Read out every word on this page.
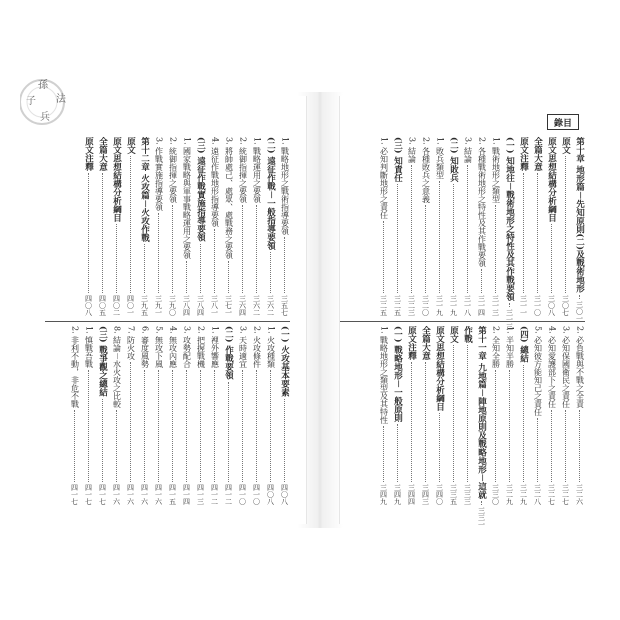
孫
子
兵
法
錄目
第十章 地形篇－先知原則(二)及戰術地形
三〇一
原文
三〇七
原文思想結構分析綱目
三〇八
全篇大意
三一〇
原文注釋
三一一
(一) 知地往－戰術地形之特性及其作戰要領
三一三
1. 戰術地形之類型
三一三
2. 各種戰術地形之特性及其作戰要領
三一四
3. 結論
三一八
(二) 知敗兵
三一九
1. 敗兵類型
三一九
2. 各種敗兵之意義
三二〇
3. 結論
三二三
(三) 知責任
三二五
1. 必知判斷地形之責任
三二五
2. 必負戰與不戰之全責
三二六
3. 必知保國衛民之責任
三二七
4. 必知愛護部下之責任
三二七
5. 必知彼方能知己之責任
三二八
(四) 總結
三二九
1. 半知半勝
三二九
2. 全知全勝
三三〇
第十一章 九地篇－陣地原則及戰略地形－這就
三三一
作戰
三三三
原文
三三五
原文思想結構分析綱目
三四〇
全篇大意
三四三
原文注釋
三四四
(一) 戰略地形－一般原則
三四九
1. 戰略地形之類型及其特性
三四九
1. 戰略地形之戰術指導要領
三五七
(二) 遠征作戰－一般指導要領
三六二
1. 戰略運用之要領
三六二
2. 統御指揮之要領
三六四
3. 將帥處己、處眾、處戰務之要領
三七一
4. 遠征作戰地形指導要領
三八一
(三) 遠征作戰實施指導要領
三八四
1. 國家戰略與軍事戰略運用之要領
三八四
2. 統御指揮之要領
三九〇
3. 作戰實施指導要領
三九一
第十二章 火攻篇－火攻作戰
三九五
原文
四〇一
原文思想結構分析綱目
四〇二
全篇大意
四〇五
原文注釋
四〇八
(一) 火攻基本要素
四〇八
1. 火攻種類
四〇八
2. 火攻條件
四一〇
3. 天時適宜
四一〇
(二) 作戰要領
四一二
1. 裡外響應
四一二
2. 把握戰機
四一三
3. 攻勢配合
四一四
4. 無攻內應
四一五
5. 無攻下風
四一六
6. 審度風勢
四一六
7. 防火攻
四一六
8. 結論－水火攻之比較
四一六
(三) 戰爭觀之總結
四一七
1. 慎戰吾戰
四一七
2. 非利不動，非危不戰
四一七
